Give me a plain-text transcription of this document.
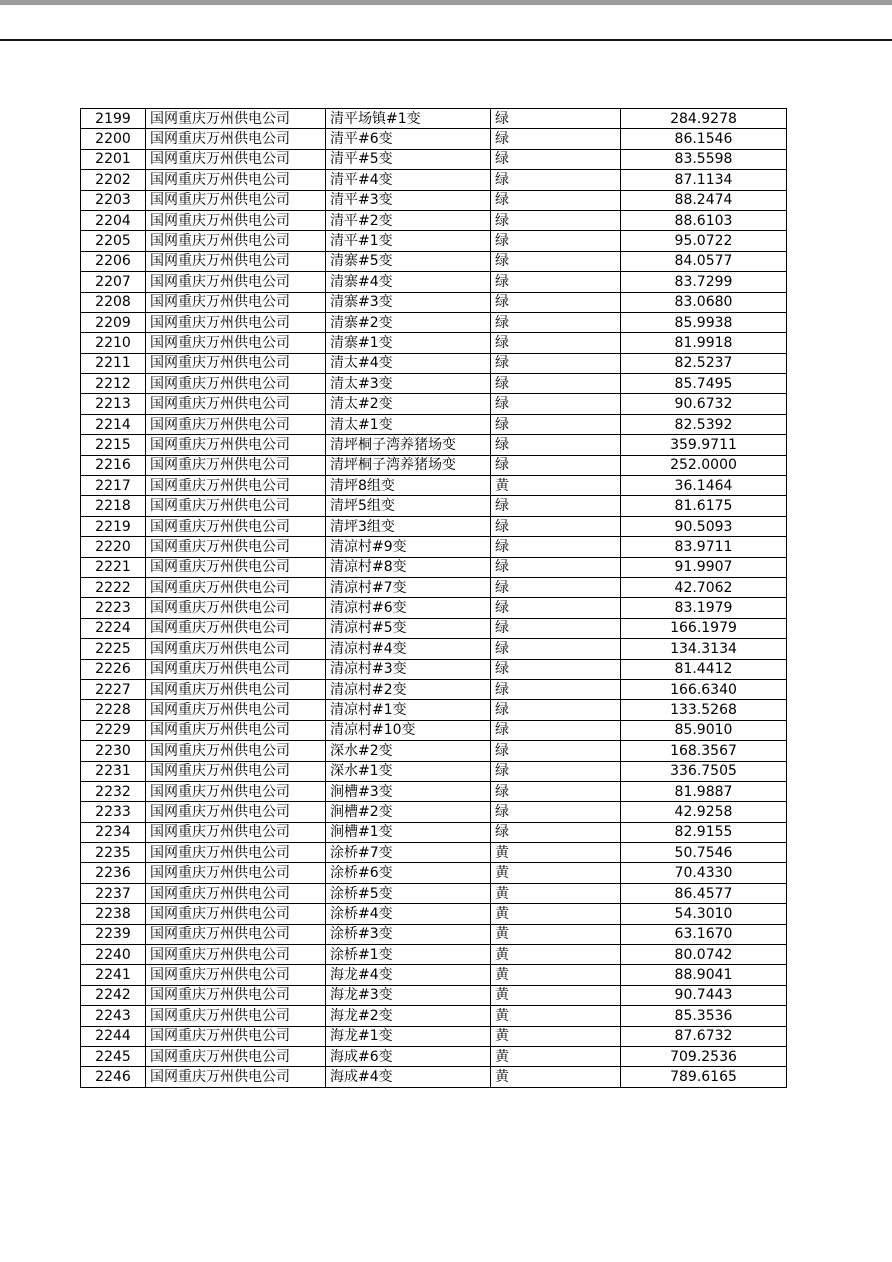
2199	国网重庆万州供电公司	清平场镇#1变	绿	284.9278
2200	国网重庆万州供电公司	清平#6变	绿	86.1546
2201	国网重庆万州供电公司	清平#5变	绿	83.5598
2202	国网重庆万州供电公司	清平#4变	绿	87.1134
2203	国网重庆万州供电公司	清平#3变	绿	88.2474
2204	国网重庆万州供电公司	清平#2变	绿	88.6103
2205	国网重庆万州供电公司	清平#1变	绿	95.0722
2206	国网重庆万州供电公司	清寨#5变	绿	84.0577
2207	国网重庆万州供电公司	清寨#4变	绿	83.7299
2208	国网重庆万州供电公司	清寨#3变	绿	83.0680
2209	国网重庆万州供电公司	清寨#2变	绿	85.9938
2210	国网重庆万州供电公司	清寨#1变	绿	81.9918
2211	国网重庆万州供电公司	清太#4变	绿	82.5237
2212	国网重庆万州供电公司	清太#3变	绿	85.7495
2213	国网重庆万州供电公司	清太#2变	绿	90.6732
2214	国网重庆万州供电公司	清太#1变	绿	82.5392
2215	国网重庆万州供电公司	清坪桐子湾养猪场变	绿	359.9711
2216	国网重庆万州供电公司	清坪桐子湾养猪场变	绿	252.0000
2217	国网重庆万州供电公司	清坪8组变	黄	36.1464
2218	国网重庆万州供电公司	清坪5组变	绿	81.6175
2219	国网重庆万州供电公司	清坪3组变	绿	90.5093
2220	国网重庆万州供电公司	清凉村#9变	绿	83.9711
2221	国网重庆万州供电公司	清凉村#8变	绿	91.9907
2222	国网重庆万州供电公司	清凉村#7变	绿	42.7062
2223	国网重庆万州供电公司	清凉村#6变	绿	83.1979
2224	国网重庆万州供电公司	清凉村#5变	绿	166.1979
2225	国网重庆万州供电公司	清凉村#4变	绿	134.3134
2226	国网重庆万州供电公司	清凉村#3变	绿	81.4412
2227	国网重庆万州供电公司	清凉村#2变	绿	166.6340
2228	国网重庆万州供电公司	清凉村#1变	绿	133.5268
2229	国网重庆万州供电公司	清凉村#10变	绿	85.9010
2230	国网重庆万州供电公司	深水#2变	绿	168.3567
2231	国网重庆万州供电公司	深水#1变	绿	336.7505
2232	国网重庆万州供电公司	涧槽#3变	绿	81.9887
2233	国网重庆万州供电公司	涧槽#2变	绿	42.9258
2234	国网重庆万州供电公司	涧槽#1变	绿	82.9155
2235	国网重庆万州供电公司	涂桥#7变	黄	50.7546
2236	国网重庆万州供电公司	涂桥#6变	黄	70.4330
2237	国网重庆万州供电公司	涂桥#5变	黄	86.4577
2238	国网重庆万州供电公司	涂桥#4变	黄	54.3010
2239	国网重庆万州供电公司	涂桥#3变	黄	63.1670
2240	国网重庆万州供电公司	涂桥#1变	黄	80.0742
2241	国网重庆万州供电公司	海龙#4变	黄	88.9041
2242	国网重庆万州供电公司	海龙#3变	黄	90.7443
2243	国网重庆万州供电公司	海龙#2变	黄	85.3536
2244	国网重庆万州供电公司	海龙#1变	黄	87.6732
2245	国网重庆万州供电公司	海成#6变	黄	709.2536
2246	国网重庆万州供电公司	海成#4变	黄	789.6165
